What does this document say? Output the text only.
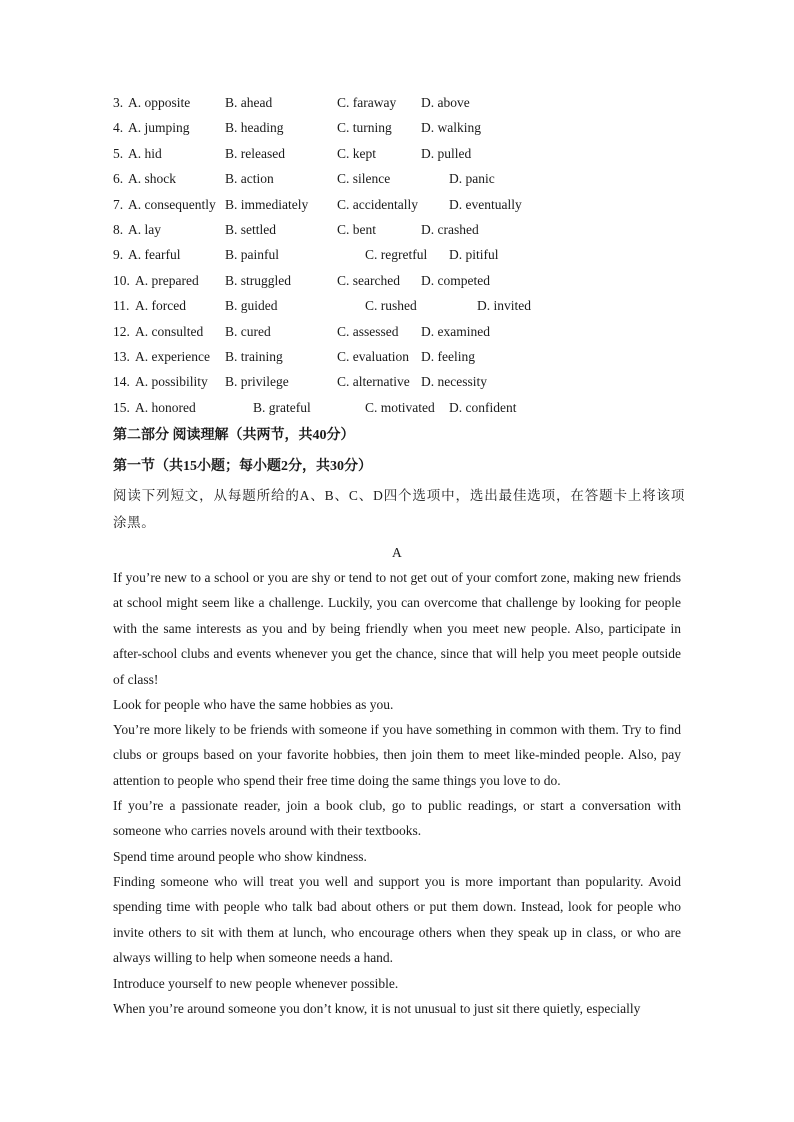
3. A. opposite	B. ahead	C. faraway D. above
4. A. jumping	B. heading	C. turning D. walking
5. A. hid	B. released	C. kept	D. pulled
6. A. shock	B. action	C. silence	D. panic
7. A. consequently B. immediately C. accidentally D. eventually
8. A. lay	B. settled	C. bent	D. crashed
9. A. fearful	B. painful	C. regretful D. pitiful
10. A. prepared B. struggled	C. searched D. competed
11. A. forced	B. guided	C. rushed	D. invited
12. A. consulted B. cured	C. assessed D. examined
13. A. experience B. training	C. evaluation D. feeling
14. A. possibility B. privilege	C. alternative D. necessity
15. A. honored	B. grateful	C. motivated D. confident
第二部分 阅读理解（共两节，共40分）
第一节（共15小题；每小题2分，共30分）
阅读下列短文，从每题所给的A、B、C、D四个选项中，选出最佳选项，在答题卡上将该项涂黑。
A
If you’re new to a school or you are shy or tend to not get out of your comfort zone, making new friends at school might seem like a challenge. Luckily, you can overcome that challenge by looking for people with the same interests as you and by being friendly when you meet new people. Also, participate in after-school clubs and events whenever you get the chance, since that will help you meet people outside of class!
Look for people who have the same hobbies as you.
You’re more likely to be friends with someone if you have something in common with them. Try to find clubs or groups based on your favorite hobbies, then join them to meet like-minded people. Also, pay attention to people who spend their free time doing the same things you love to do.
If you’re a passionate reader, join a book club, go to public readings, or start a conversation with someone who carries novels around with their textbooks.
Spend time around people who show kindness.
Finding someone who will treat you well and support you is more important than popularity. Avoid spending time with people who talk bad about others or put them down. Instead, look for people who invite others to sit with them at lunch, who encourage others when they speak up in class, or who are always willing to help when someone needs a hand.
Introduce yourself to new people whenever possible.
When you’re around someone you don’t know, it is not unusual to just sit there quietly, especially
